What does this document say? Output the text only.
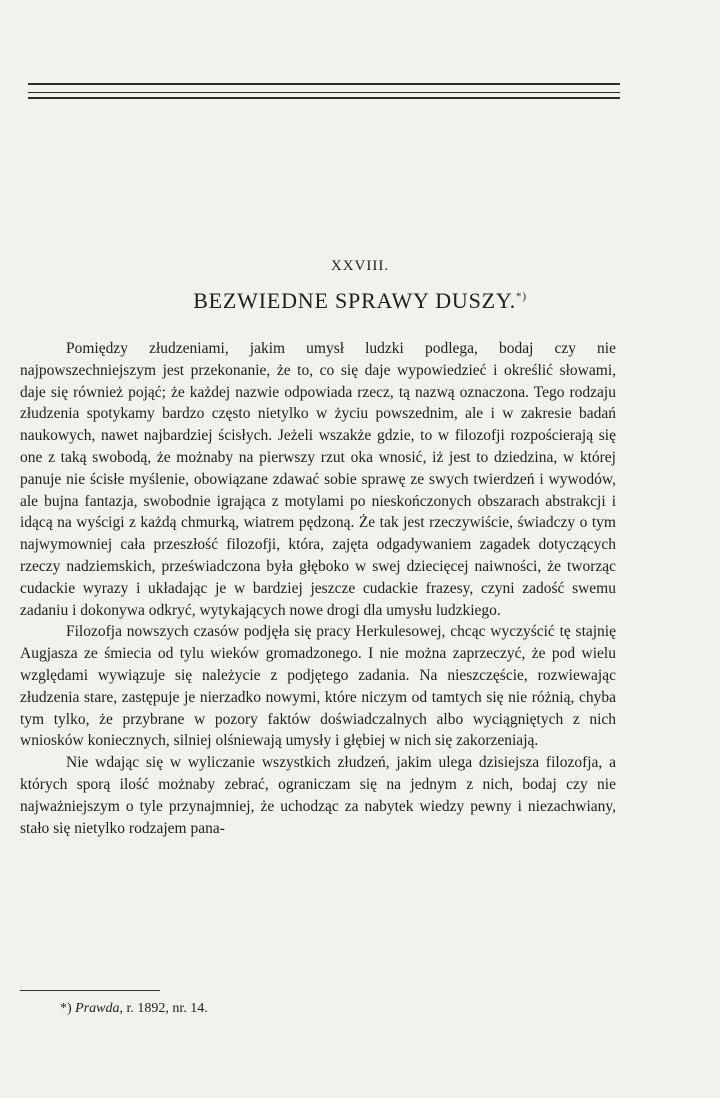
XXVIII.
BEZWIEDNE SPRAWY DUSZY.*)

Pomiędzy złudzeniami, jakim umysł ludzki podlega, bodaj czy nie najpowszechniejszym jest przekonanie, że to, co się daje wypowiedzieć i określić słowami, daje się również pojąć; że każdej nazwie odpowiada rzecz, tą nazwą oznaczona. Tego rodzaju złudzenia spotykamy bardzo często nietylko w życiu powszednim, ale i w zakresie badań naukowych, nawet najbardziej ścisłych. Jeżeli wszakże gdzie, to w filozofji rozpościerają się one z taką swobodą, że możnaby na pierwszy rzut oka wnosić, iż jest to dziedzina, w której panuje nie ścisłe myślenie, obowiązane zdawać sobie sprawę ze swych twierdzeń i wywodów, ale bujna fantazja, swobodnie igrająca z motylami po nieskończonych obszarach abstrakcji i idącą na wyścigi z każdą chmurką, wiatrem pędzoną. Że tak jest rzeczywiście, świadczy o tym najwymowniej cała przeszłość filozofji, która, zajęta odgadywaniem zagadek dotyczących rzeczy nadziemskich, przeświadczona była głęboko w swej dziecięcej naiwności, że tworząc cudackie wyrazy i układając je w bardziej jeszcze cudackie frazesy, czyni zadość swemu zadaniu i dokonywa odkryć, wytykających nowe drogi dla umysłu ludzkiego.

Filozofja nowszych czasów podjęła się pracy Herkulesowej, chcąc wyczyścić tę stajnię Augjasza ze śmiecia od tylu wieków gromadzonego. I nie można zaprzeczyć, że pod wielu względami wywiązuje się należycie z podjętego zadania. Na nieszczęście, rozwiewając złudzenia stare, zastępuje je nierzadko nowymi, które niczym od tamtych się nie różnią, chyba tym tylko, że przybrane w pozory faktów doświadczalnych albo wyciągniętych z nich wniosków koniecznych, silniej olśniewają umysły i głębiej w nich się zakorzeniają.

Nie wdając się w wyliczanie wszystkich złudzeń, jakim ulega dzisiejsza filozofja, a których sporą ilość możnaby zebrać, ograniczam się na jednym z nich, bodaj czy nie najważniejszym o tyle przynajmniej, że uchodząc za nabytek wiedzy pewny i niezachwiany, stało się nietylko rodzajem pana-

*) Prawda, r. 1892, nr. 14.
